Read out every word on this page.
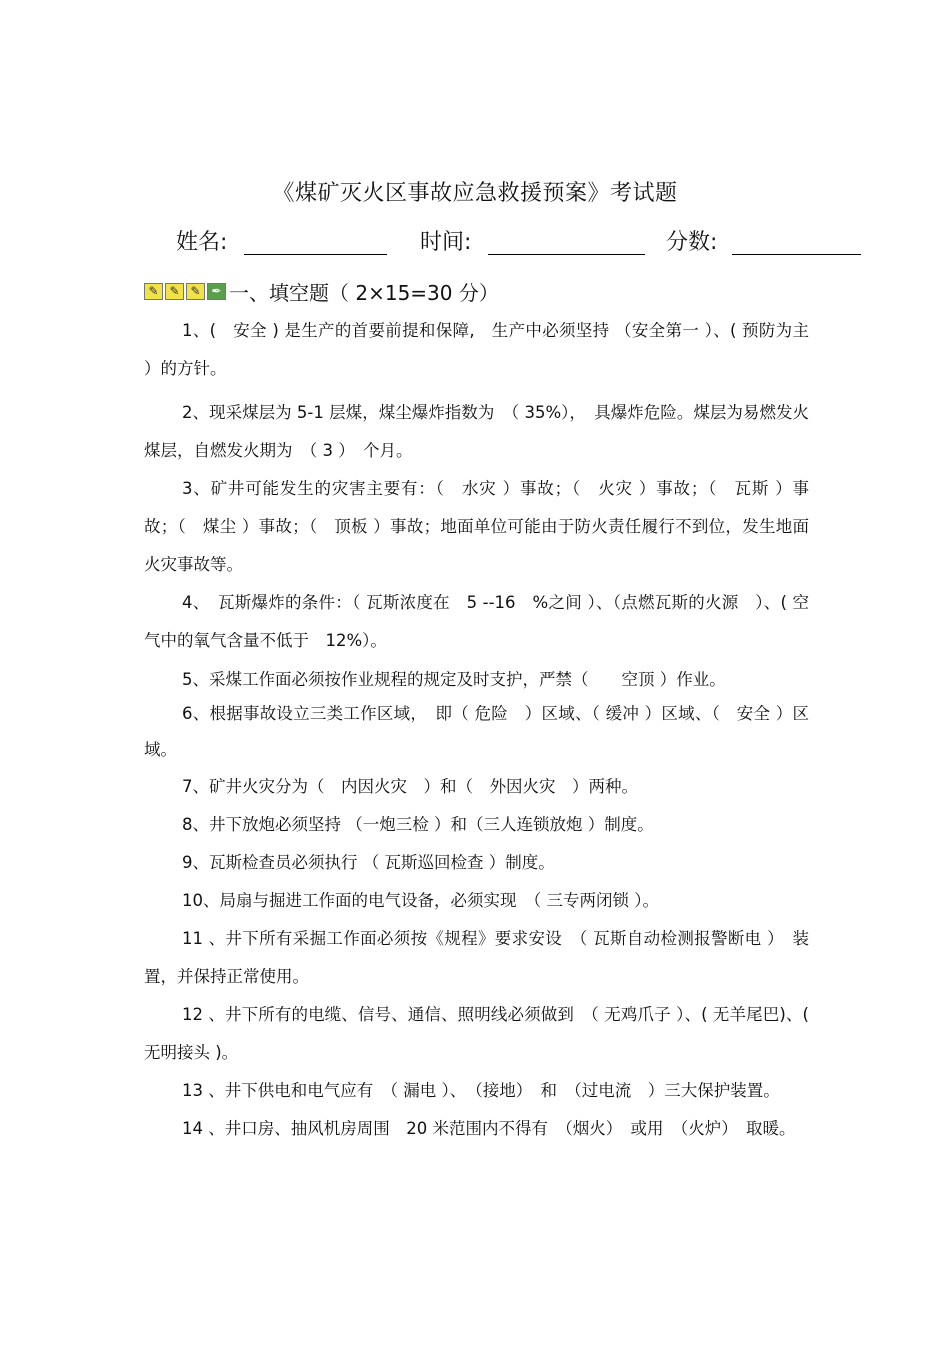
《煤矿灭火区事故应急救援预案》考试题
姓名:	时间:	分数:
✎ ✎ ✎ ✒ 一、填空题（ 2×15=30 分）

1、(　安全 ) 是生产的首要前提和保障,　生产中必须坚持 （安全第一 ）、( 预防为主 ）的方针。

2、现采煤层为 5-1 层煤，煤尘爆炸指数为　（ 35%），　具爆炸危险。煤层为易燃发火煤层，自燃发火期为　（ 3 ）　个月。

3、矿井可能发生的灾害主要有：（　水灾 ）事故；（　火灾 ）事故；（　瓦斯 ）事故；（　煤尘 ）事故；（　顶板 ）事故；地面单位可能由于防火责任履行不到位，发生地面火灾事故等。

4、　瓦斯爆炸的条件：（ 瓦斯浓度在　5 --16　%之间 ）、（点燃瓦斯的火源　）、( 空气中的氧气含量不低于　12%）。

5、采煤工作面必须按作业规程的规定及时支护，严禁（　　空顶 ）作业。

6、根据事故设立三类工作区域，　即（ 危险　）区域、（ 缓冲 ）区域、（　安全 ）区域。

7、矿井火灾分为（　内因火灾　）和（　外因火灾　）两种。

8、井下放炮必须坚持 （一炮三检 ）和（三人连锁放炮 ）制度。

9、瓦斯检查员必须执行 （ 瓦斯巡回检查 ）制度。

10、局扇与掘进工作面的电气设备，必须实现　（ 三专两闭锁 ）。

11 、井下所有采掘工作面必须按《规程》要求安设　（ 瓦斯自动检测报警断电 ）　装置，并保持正常使用。

12 、井下所有的电缆、信号、通信、照明线必须做到　（ 无鸡爪子 ）、( 无羊尾巴)、( 无明接头 )。

13 、井下供电和电气应有　（ 漏电 ）、　（接地）　和　（过电流　）三大保护装置。

14 、井口房、抽风机房周围　20 米范围内不得有　（烟火）　或用　（火炉）　取暖。
